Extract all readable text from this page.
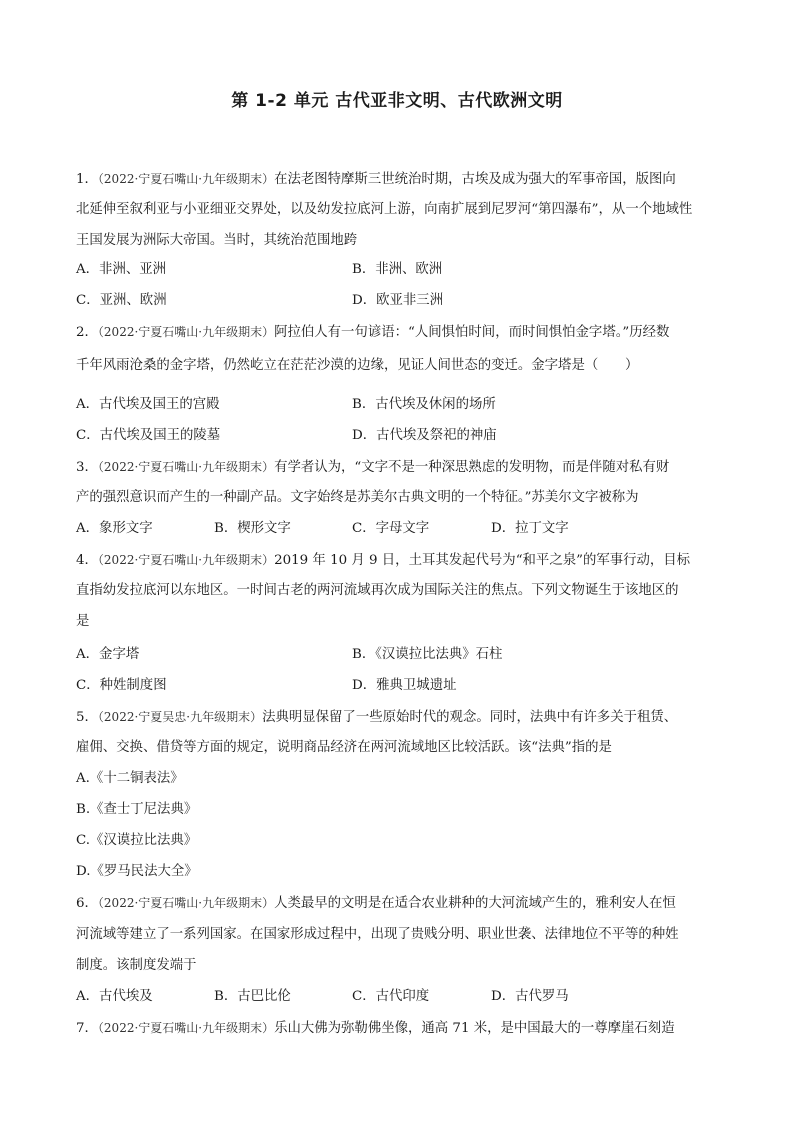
第 1-2 单元 古代亚非文明、古代欧洲文明
1．（2022·宁夏石嘴山·九年级期末）在法老图特摩斯三世统治时期，古埃及成为强大的军事帝国，版图向
北延伸至叙利亚与小亚细亚交界处，以及幼发拉底河上游，向南扩展到尼罗河“第四瀑布”，从一个地域性
王国发展为洲际大帝国。当时，其统治范围地跨
A．非洲、亚洲	B．非洲、欧洲
C．亚洲、欧洲	D．欧亚非三洲
2．（2022·宁夏石嘴山·九年级期末）阿拉伯人有一句谚语：“人间惧怕时间，而时间惧怕金字塔。”历经数
千年风雨沧桑的金字塔，仍然屹立在茫茫沙漠的边缘，见证人间世态的变迁。金字塔是（　　）
A．古代埃及国王的宫殿	B．古代埃及休闲的场所
C．古代埃及国王的陵墓	D．古代埃及祭祀的神庙
3．（2022·宁夏石嘴山·九年级期末）有学者认为，“文字不是一种深思熟虑的发明物，而是伴随对私有财
产的强烈意识而产生的一种副产品。文字始终是苏美尔古典文明的一个特征。”苏美尔文字被称为
A．象形文字	B．楔形文字	C．字母文字	D．拉丁文字
4．（2022·宁夏石嘴山·九年级期末）2019 年 10 月 9 日，土耳其发起代号为“和平之泉”的军事行动，目标
直指幼发拉底河以东地区。一时间古老的两河流域再次成为国际关注的焦点。下列文物诞生于该地区的
是
A．金字塔	B．《汉谟拉比法典》石柱
C．种姓制度图	D．雅典卫城遗址
5．（2022·宁夏吴忠·九年级期末）法典明显保留了一些原始时代的观念。同时，法典中有许多关于租赁、
雇佣、交换、借贷等方面的规定，说明商品经济在两河流域地区比较活跃。该“法典”指的是
A.《十二铜表法》
B.《查士丁尼法典》
C.《汉谟拉比法典》
D.《罗马民法大全》
6．（2022·宁夏石嘴山·九年级期末）人类最早的文明是在适合农业耕种的大河流域产生的，雅利安人在恒
河流域等建立了一系列国家。在国家形成过程中，出现了贵贱分明、职业世袭、法律地位不平等的种姓
制度。该制度发端于
A．古代埃及	B．古巴比伦	C．古代印度	D．古代罗马
7．（2022·宁夏石嘴山·九年级期末）乐山大佛为弥勒佛坐像，通高 71 米，是中国最大的一尊摩崖石刻造
